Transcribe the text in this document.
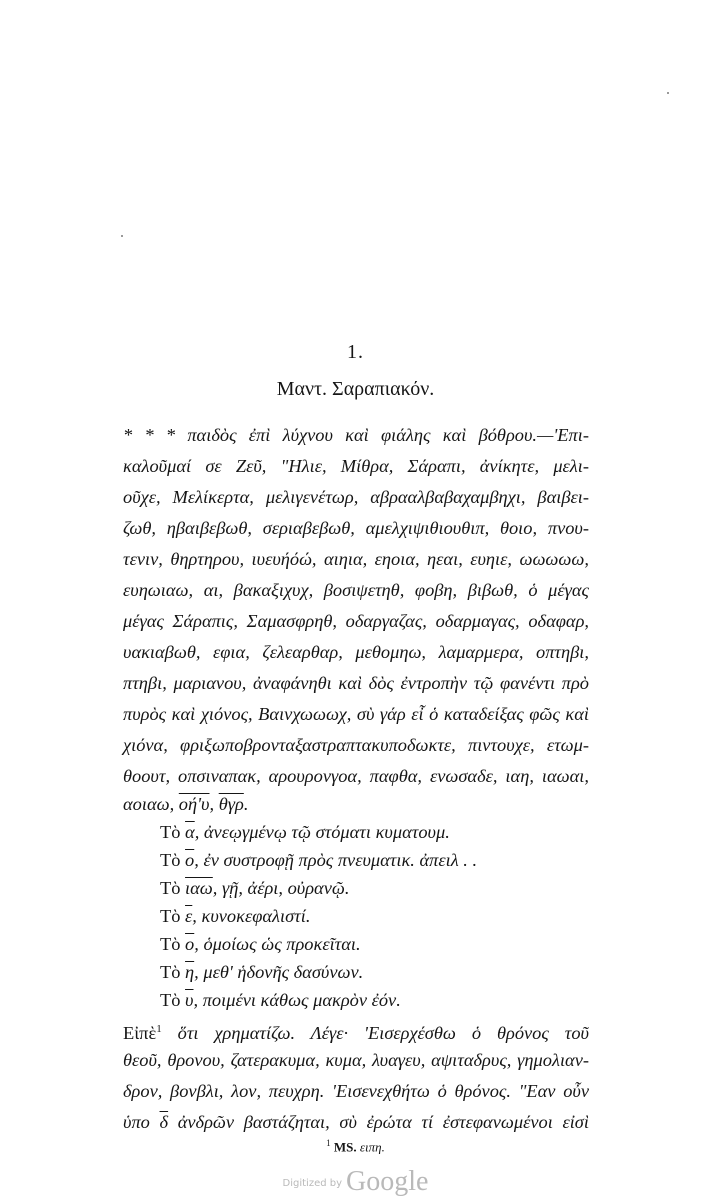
1.
Μαντ. Σαραπιακόν.
* * * παιδὸς ἐπὶ λύχνου καὶ φιάλης καὶ βόθρου.—'Επι-
καλοῦμαί σε Ζεῦ, "Ηλιε, Μίθρα, Σάραπι, ἀνίκητε, μελι-
οῦχε, Μελίκερτα, μελιγενέτωρ, αβρααλβαβαχαμβηχι, βαιβει-
ζωθ, ηβαιβεβωθ, σεριαβεβωθ, αμελχιψιθιουθιπ, θοιο, πνου-
τενιν, θηρτηρου, ιυευήόώ, αιηια, εηοια, ηεαι, ευηιε, ωωωωω,
ευηωιαω, αι, βακαξιχυχ, βοσιψετηθ, φοβη, βιβωθ, ὁ μέγας
μέγας Σάραπις, Σαμασφρηθ, οδαργαζας, οδαρμαγας, οδαφαρ,
υακιαβωθ, εφια, ζελεαρθαρ, μεθομηω, λαμαρμερα, οπτηβι,
πτηβι, μαριανου, ἀναφάνηθι καὶ δὸς ἐντροπὴν τῷ φανέντι πρὸ
πυρὸς καὶ χιόνος, Βαινχωωωχ, σὺ γάρ εἶ ὁ καταδείξας φῶς καὶ
χιόνα, φριξωποβρονταξαστραπτακυποδωκτε, πιντουχε, ετωμ-
θοουτ, οπσιναπακ, αρουρονγοα, παφθα, ενωσαδε, ιαη, ιαωαι,
αοιαω, οή'υ, $\overline{\theta\gamma\rho}$.
Τὸ $\overline{\alpha}$, ἀνεῳγμένῳ τῷ στόματι κυματουμ.
Τὸ $\overline{o}$, ἐν συστροφῇ πρὸς πνευματικ. ἀπειλ . .
Τὸ $\overline{\iota\alpha\omega}$, γῇ, ἀέρι, οὐρανῷ.
Τὸ $\overline{\varepsilon}$, κυνοκεφαλιστί.
Τὸ $\overline{o}$, ὁμοίως ὡς προκεῖται.
Τὸ $\overline{\eta}$, μεθ' ἡδονῆς δασύνων.
Τὸ $\overline{\upsilon}$, ποιμένι κάθως μακρὸν ἐόν.
Εἰπὲ$^1$ ὅτι χρηματίζω. Λέγε· 'Εισερχέσθω ὁ θρόνος τοῦ
θεοῦ, θρονου, ζατερακυμα, κυμα, λυαγευ, αψιταδρυς, γημολιαν-
δρον, βονβλι, λον, πευχρη. 'Εισενεχθήτω ὁ θρόνος. "Εαν οὖν
ὑπο $\overline{\delta}$ ἀνδρῶν βαστάζηται, σὺ ἐρώτα τί ἐστεφανωμένοι εἰσὶ
$^1$ MS. ειπη.
$^{Digitized by}$ Google
